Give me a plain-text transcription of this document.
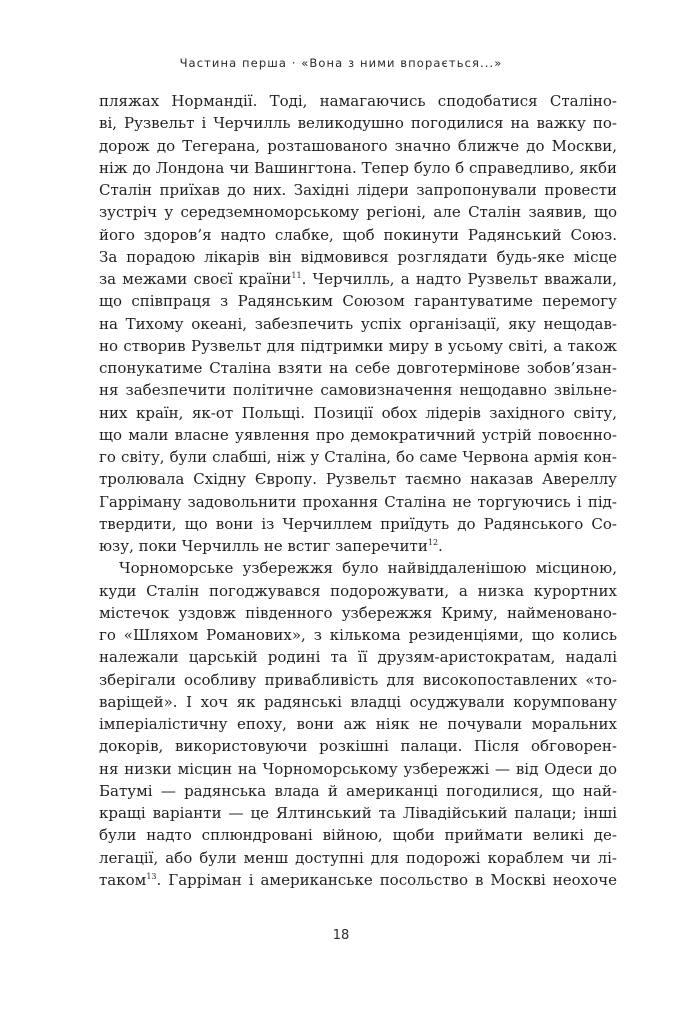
Частина перша · «Вона з ними впорається...»
пляжах Нормандії. Тоді, намагаючись сподобатися Сталіно-
ві, Рузвельт і Черчилль великодушно погодилися на важку по-
дорож до Тегерана, розташованого значно ближче до Москви,
ніж до Лондона чи Вашингтона. Тепер було б справедливо, якби
Сталін приїхав до них. Західні лідери запропонували провести
зустріч у середземноморському регіоні, але Сталін заявив, що
його здоров’я надто слабке, щоб покинути Радянський Союз.
За порадою лікарів він відмовився розглядати будь-яке місце
за межами своєї країни$^{11}$. Черчилль, а надто Рузвельт вважали,
що співпраця з Радянським Союзом гарантуватиме перемогу
на Тихому океані, забезпечить успіх організації, яку нещодав-
но створив Рузвельт для підтримки миру в усьому світі, а також
спонукатиме Сталіна взяти на себе довготермінове зобов’язан-
ня забезпечити політичне самовизначення нещодавно звільне-
них країн, як-от Польщі. Позиції обох лідерів західного світу,
що мали власне уявлення про демократичний устрій повоєнно-
го світу, були слабші, ніж у Сталіна, бо саме Червона армія кон-
тролювала Східну Європу. Рузвельт таємно наказав Авереллу
Гарріману задовольнити прохання Сталіна не торгуючись і під-
твердити, що вони із Черчиллем приїдуть до Радянського Со-
юзу, поки Черчилль не встиг заперечити$^{12}$.
Чорноморське узбережжя було найвіддаленішою місциною,
куди Сталін погоджувався подорожувати, а низка курортних
містечок уздовж південного узбережжя Криму, найменовано-
го «Шляхом Романових», з кількома резиденціями, що колись
належали царській родині та її друзям-аристократам, надалі
зберігали особливу привабливість для високопоставлених «то-
варіщей». І хоч як радянські владці осуджували корумповану
імперіалістичну епоху, вони аж ніяк не почували моральних
докорів, використовуючи розкішні палаци. Після обговорен-
ня низки місцин на Чорноморському узбережжі — від Одеси до
Батумі — радянська влада й американці погодилися, що най-
кращі варіанти — це Ялтинський та Лівадійський палаци; інші
були надто сплюндровані війною, щоби приймати великі де-
легації, або були менш доступні для подорожі кораблем чи лі-
таком$^{13}$. Гарріман і американське посольство в Москві неохоче
18
